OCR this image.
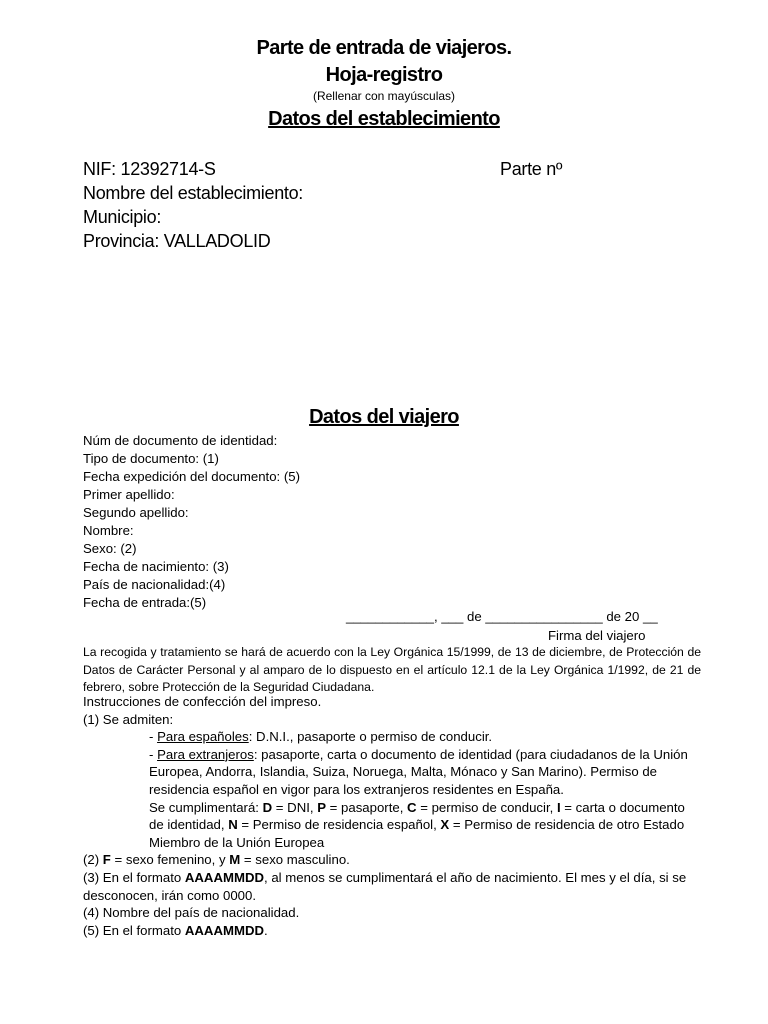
Parte de entrada de viajeros.
Hoja-registro
(Rellenar con mayúsculas)
Datos del establecimiento
NIF: 12392714-S	Parte nº
Nombre del establecimiento:
Municipio:
Provincia: VALLADOLID
Datos del viajero
Núm de documento de identidad:
Tipo de documento: (1)
Fecha expedición del documento: (5)
Primer apellido:
Segundo apellido:
Nombre:
Sexo: (2)
Fecha de nacimiento: (3)
País de nacionalidad:(4)
Fecha de entrada:(5)
____________, ___ de ________________ de 20 __
Firma del viajero
La recogida y tratamiento se hará de acuerdo con la Ley Orgánica 15/1999, de 13 de diciembre, de Protección de Datos de Carácter Personal y al amparo de lo dispuesto en el artículo 12.1 de la Ley Orgánica 1/1992, de 21 de febrero, sobre Protección de la Seguridad Ciudadana.
Instrucciones de confección del impreso.
(1) Se admiten:
- Para españoles: D.N.I., pasaporte o permiso de conducir.
- Para extranjeros: pasaporte, carta o documento de identidad (para ciudadanos de la Unión Europea, Andorra, Islandia, Suiza, Noruega, Malta, Mónaco y San Marino). Permiso de residencia español en vigor para los extranjeros residentes en España.
Se cumplimentará: D = DNI, P = pasaporte, C = permiso de conducir, I = carta o documento de identidad, N = Permiso de residencia español, X = Permiso de residencia de otro Estado Miembro de la Unión Europea
(2) F = sexo femenino, y M = sexo masculino.
(3) En el formato AAAAMMDD, al menos se cumplimentará el año de nacimiento. El mes y el día, si se desconocen, irán como 0000.
(4) Nombre del país de nacionalidad.
(5) En el formato AAAAMMDD.
